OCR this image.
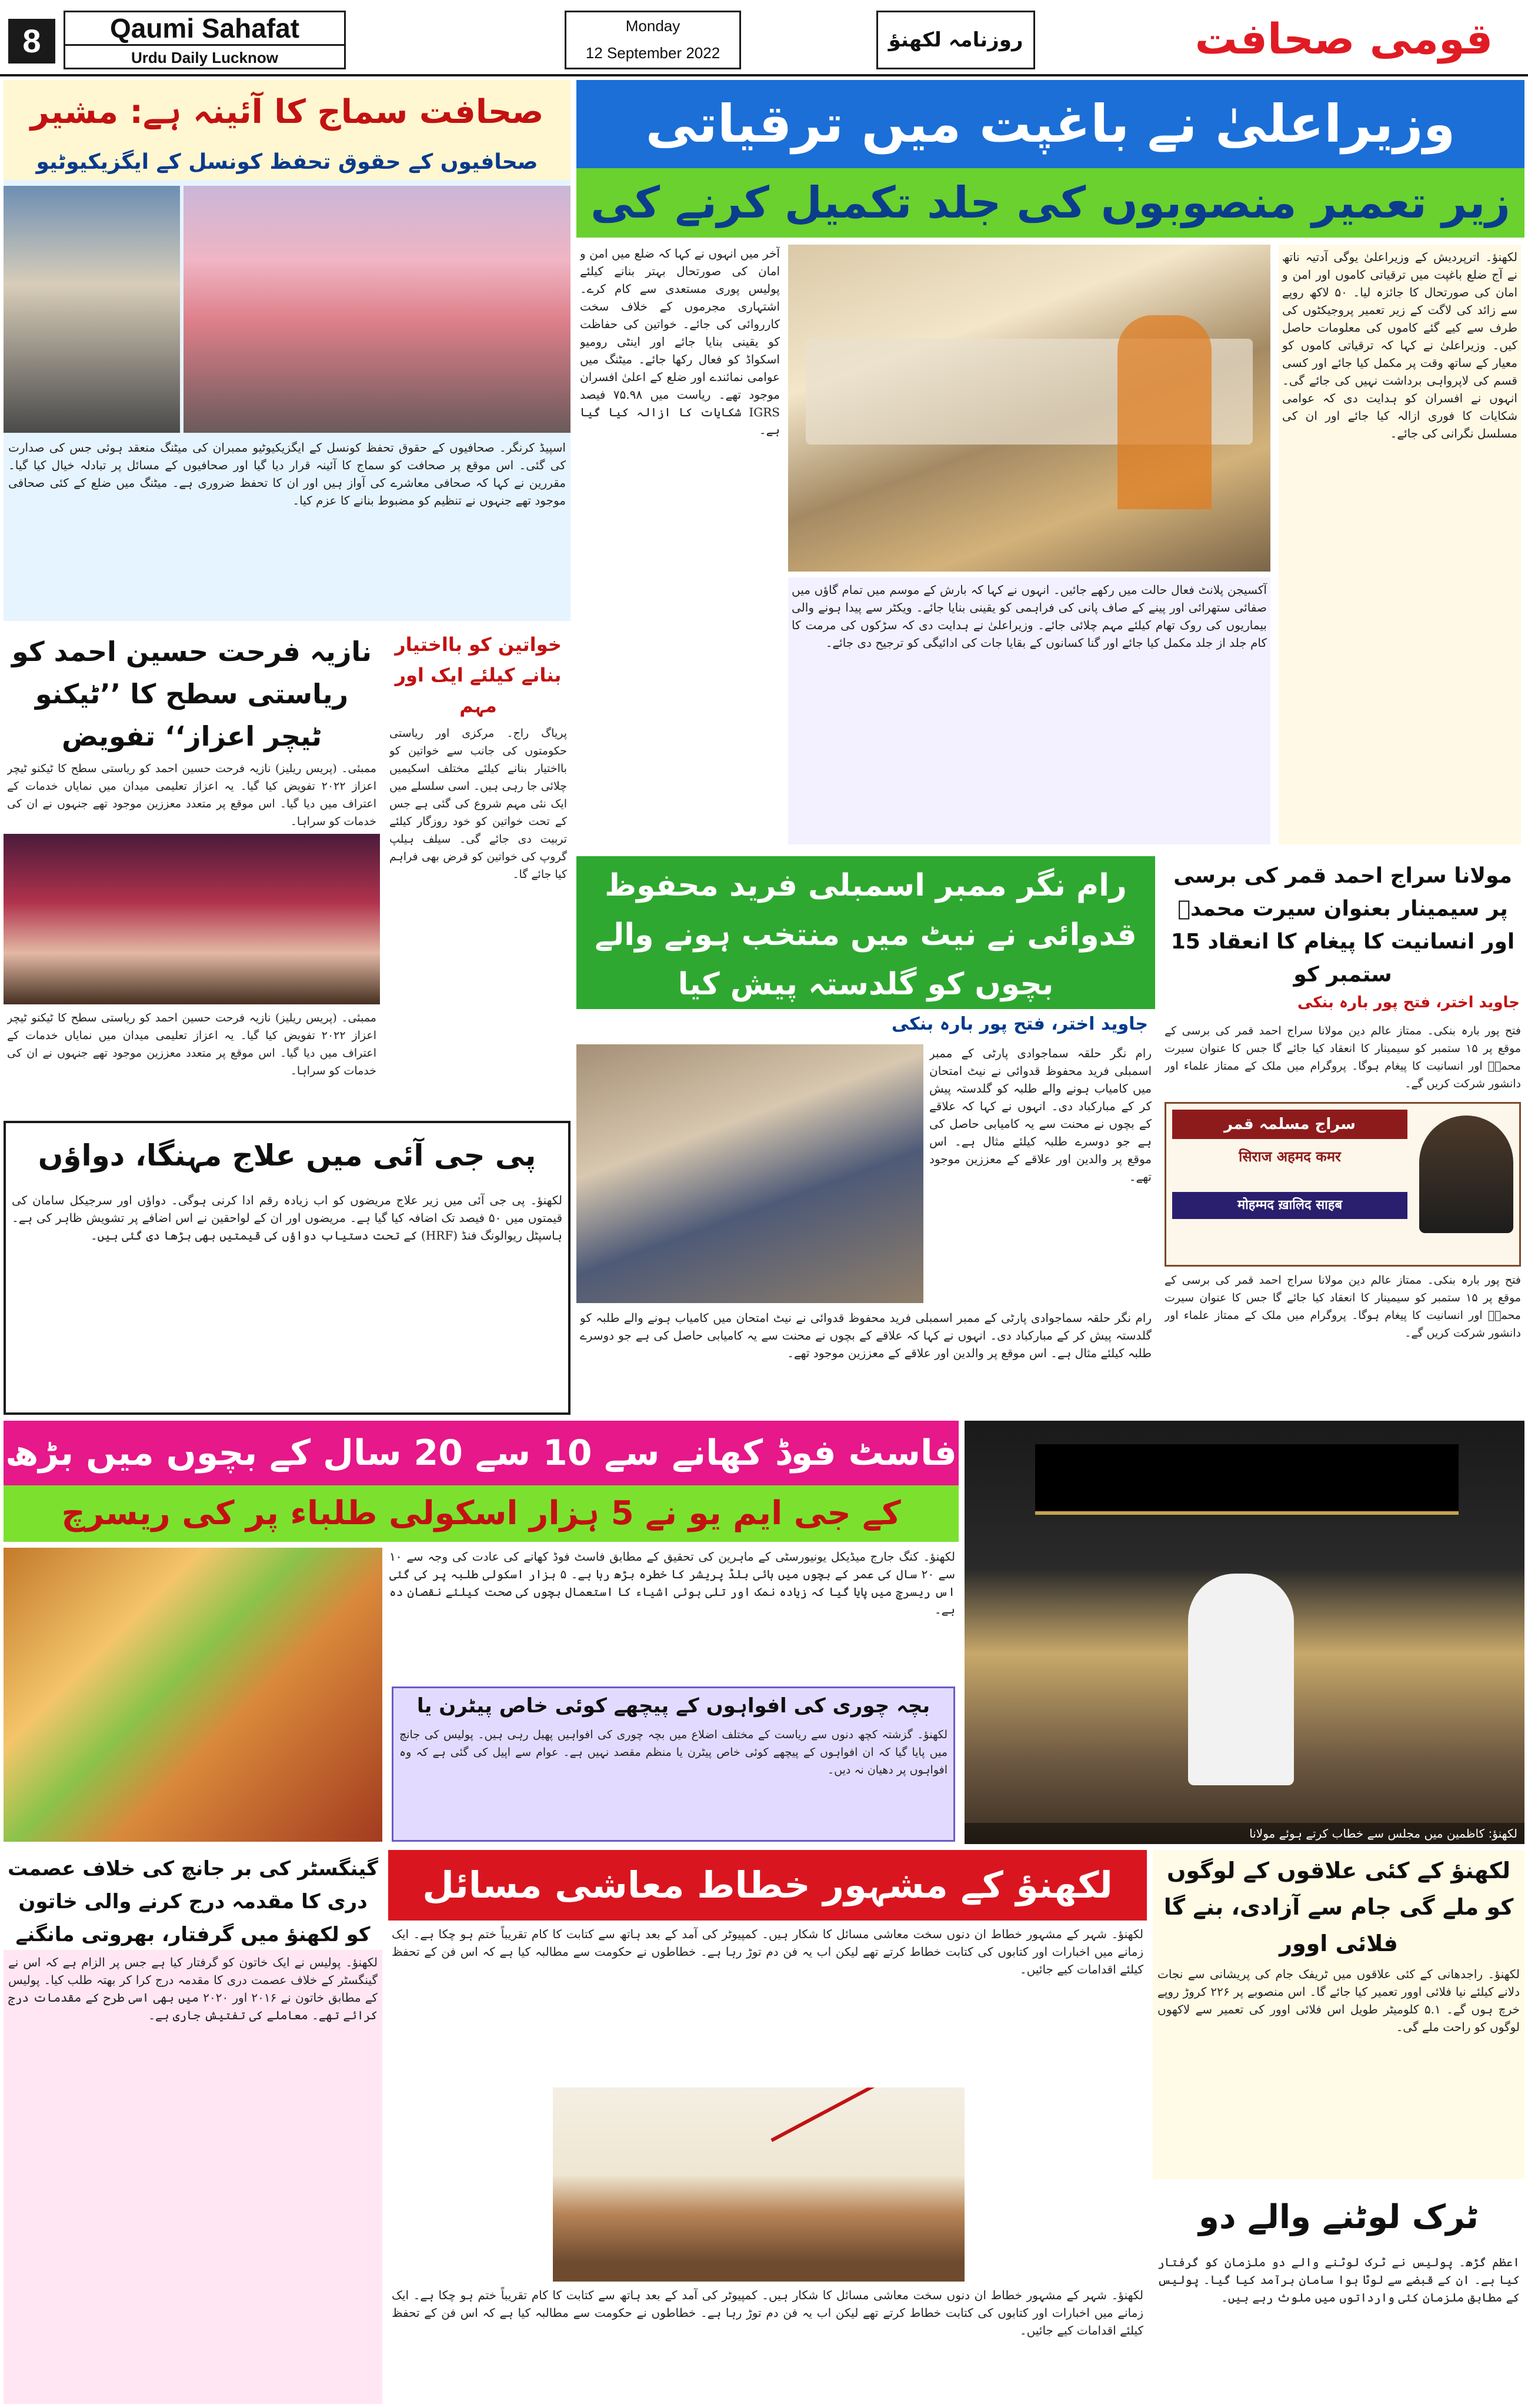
8	Qaumi Sahafat
Urdu Daily Lucknow
Monday
12 September 2022
روزنامہ لکھنؤ	قومی صحافت
وزیراعلیٰ نے باغپت میں ترقیاتی
زیر تعمیر منصوبوں کی جلد تکمیل کرنے کی
آخر میں انہوں نے کہا کہ ضلع میں امن و امان کی صورتحال بہتر بنانے کیلئے پولیس پوری مستعدی سے کام کرے۔ اشتہاری مجرموں کے خلاف سخت کارروائی کی جائے۔ خواتین کی حفاظت کو یقینی بنایا جائے اور اینٹی رومیو اسکواڈ کو فعال رکھا جائے۔ میٹنگ میں عوامی نمائندے اور ضلع کے اعلیٰ افسران موجود تھے۔ ریاست میں ۷۵.۹۸ فیصد IGRS شکایات کا ازالہ کیا گیا ہے۔
آکسیجن پلانٹ فعال حالت میں رکھے جائیں۔ انہوں نے کہا کہ بارش کے موسم میں تمام گاؤں میں صفائی ستھرائی اور پینے کے صاف پانی کی فراہمی کو یقینی بنایا جائے۔ ویکٹر سے پیدا ہونے والی بیماریوں کی روک تھام کیلئے مہم چلائی جائے۔ وزیراعلیٰ نے ہدایت دی کہ سڑکوں کی مرمت کا کام جلد از جلد مکمل کیا جائے اور گنا کسانوں کے بقایا جات کی ادائیگی کو ترجیح دی جائے۔
لکھنؤ۔ اترپردیش کے وزیراعلیٰ یوگی آدتیہ ناتھ نے آج ضلع باغپت میں ترقیاتی کاموں اور امن و امان کی صورتحال کا جائزہ لیا۔ ۵۰ لاکھ روپے سے زائد کی لاگت کے زیر تعمیر پروجیکٹوں کی طرف سے کیے گئے کاموں کی معلومات حاصل کیں۔ وزیراعلیٰ نے کہا کہ ترقیاتی کاموں کو معیار کے ساتھ وقت پر مکمل کیا جائے اور کسی قسم کی لاپرواہی برداشت نہیں کی جائے گی۔ انہوں نے افسران کو ہدایت دی کہ عوامی شکایات کا فوری ازالہ کیا جائے اور ان کی مسلسل نگرانی کی جائے۔
صحافت سماج کا آئینہ ہے: مشیر
صحافیوں کے حقوق تحفظ کونسل کے ایگزیکیوٹیو
اسپیڈ کرنگر۔ صحافیوں کے حقوق تحفظ کونسل کے ایگزیکیوٹیو ممبران کی میٹنگ منعقد ہوئی جس کی صدارت کی گئی۔ اس موقع پر صحافت کو سماج کا آئینہ قرار دیا گیا اور صحافیوں کے مسائل پر تبادلہ خیال کیا گیا۔ مقررین نے کہا کہ صحافی معاشرے کی آواز ہیں اور ان کا تحفظ ضروری ہے۔ میٹنگ میں ضلع کے کئی صحافی موجود تھے جنہوں نے تنظیم کو مضبوط بنانے کا عزم کیا۔
نازیہ فرحت حسین احمد کو ریاستی سطح کا ’’ٹیکنو ٹیچر اعزاز‘‘ تفویض
ممبئی۔ (پریس ریلیز) نازیہ فرحت حسین احمد کو ریاستی سطح کا ٹیکنو ٹیچر اعزاز ۲۰۲۲ تفویض کیا گیا۔ یہ اعزاز تعلیمی میدان میں نمایاں خدمات کے اعتراف میں دیا گیا۔ اس موقع پر متعدد معززین موجود تھے جنہوں نے ان کی خدمات کو سراہا۔
ممبئی۔ (پریس ریلیز) نازیہ فرحت حسین احمد کو ریاستی سطح کا ٹیکنو ٹیچر اعزاز ۲۰۲۲ تفویض کیا گیا۔ یہ اعزاز تعلیمی میدان میں نمایاں خدمات کے اعتراف میں دیا گیا۔ اس موقع پر متعدد معززین موجود تھے جنہوں نے ان کی خدمات کو سراہا۔
خواتین کو بااختیار بنانے کیلئے ایک اور مہم
پریاگ راج۔ مرکزی اور ریاستی حکومتوں کی جانب سے خواتین کو بااختیار بنانے کیلئے مختلف اسکیمیں چلائی جا رہی ہیں۔ اسی سلسلے میں ایک نئی مہم شروع کی گئی ہے جس کے تحت خواتین کو خود روزگار کیلئے تربیت دی جائے گی۔ سیلف ہیلپ گروپ کی خواتین کو قرض بھی فراہم کیا جائے گا۔
پی جی آئی میں علاج مہنگا، دواؤں
لکھنؤ۔ پی جی آئی میں زیر علاج مریضوں کو اب زیادہ رقم ادا کرنی ہوگی۔ دواؤں اور سرجیکل سامان کی قیمتوں میں ۵۰ فیصد تک اضافہ کیا گیا ہے۔ مریضوں اور ان کے لواحقین نے اس اضافے پر تشویش ظاہر کی ہے۔ ہاسپٹل ریوالونگ فنڈ (HRF) کے تحت دستیاب دواؤں کی قیمتیں بھی بڑھا دی گئی ہیں۔
رام نگر ممبر اسمبلی فرید محفوظ قدوائی نے نیٹ میں منتخب ہونے والے بچوں کو گلدستہ پیش کیا
جاوید اختر، فتح پور بارہ بنکی
رام نگر حلقہ سماجوادی پارٹی کے ممبر اسمبلی فرید محفوظ قدوائی نے نیٹ امتحان میں کامیاب ہونے والے طلبہ کو گلدستہ پیش کر کے مبارکباد دی۔ انہوں نے کہا کہ علاقے کے بچوں نے محنت سے یہ کامیابی حاصل کی ہے جو دوسرے طلبہ کیلئے مثال ہے۔ اس موقع پر والدین اور علاقے کے معززین موجود تھے۔
رام نگر حلقہ سماجوادی پارٹی کے ممبر اسمبلی فرید محفوظ قدوائی نے نیٹ امتحان میں کامیاب ہونے والے طلبہ کو گلدستہ پیش کر کے مبارکباد دی۔ انہوں نے کہا کہ علاقے کے بچوں نے محنت سے یہ کامیابی حاصل کی ہے جو دوسرے طلبہ کیلئے مثال ہے۔ اس موقع پر والدین اور علاقے کے معززین موجود تھے۔
مولانا سراج احمد قمر کی برسی پر سیمینار بعنوان سیرت محمدؐ اور انسانیت کا پیغام کا انعقاد 15 ستمبر کو
جاوید اختر، فتح پور بارہ بنکی
فتح پور بارہ بنکی۔ ممتاز عالم دین مولانا سراج احمد قمر کی برسی کے موقع پر ۱۵ ستمبر کو سیمینار کا انعقاد کیا جائے گا جس کا عنوان سیرت محمدؐ اور انسانیت کا پیغام ہوگا۔ پروگرام میں ملک کے ممتاز علماء اور دانشور شرکت کریں گے۔
سراج مسلمہ قمر
सिराज अहमद कमर
मोहम्मद ख़ालिद साहब
فتح پور بارہ بنکی۔ ممتاز عالم دین مولانا سراج احمد قمر کی برسی کے موقع پر ۱۵ ستمبر کو سیمینار کا انعقاد کیا جائے گا جس کا عنوان سیرت محمدؐ اور انسانیت کا پیغام ہوگا۔ پروگرام میں ملک کے ممتاز علماء اور دانشور شرکت کریں گے۔
فاسٹ فوڈ کھانے سے 10 سے 20 سال کے بچوں میں بڑھ
کے جی ایم یو نے 5 ہزار اسکولی طلباء پر کی ریسرچ
لکھنؤ۔ کنگ جارج میڈیکل یونیورسٹی کے ماہرین کی تحقیق کے مطابق فاسٹ فوڈ کھانے کی عادت کی وجہ سے ۱۰ سے ۲۰ سال کی عمر کے بچوں میں ہائی بلڈ پریشر کا خطرہ بڑھ رہا ہے۔ ۵ ہزار اسکولی طلبہ پر کی گئی اس ریسرچ میں پایا گیا کہ زیادہ نمک اور تلی ہوئی اشیاء کا استعمال بچوں کی صحت کیلئے نقصان دہ ہے۔
بچہ چوری کی افواہوں کے پیچھے کوئی خاص پیٹرن یا
لکھنؤ۔ گزشتہ کچھ دنوں سے ریاست کے مختلف اضلاع میں بچہ چوری کی افواہیں پھیل رہی ہیں۔ پولیس کی جانچ میں پایا گیا کہ ان افواہوں کے پیچھے کوئی خاص پیٹرن یا منظم مقصد نہیں ہے۔ عوام سے اپیل کی گئی ہے کہ وہ افواہوں پر دھیان نہ دیں۔
لکھنؤ: کاظمین میں مجلس سے خطاب کرتے ہوئے مولانا
گینگسٹر کی بر جانچ کی خلاف عصمت دری کا مقدمہ درج کرنے والی خاتون کو لکھنؤ میں گرفتار، بھروتی مانگنے
لکھنؤ۔ پولیس نے ایک خاتون کو گرفتار کیا ہے جس پر الزام ہے کہ اس نے گینگسٹر کے خلاف عصمت دری کا مقدمہ درج کرا کر بھتہ طلب کیا۔ پولیس کے مطابق خاتون نے ۲۰۱۶ اور ۲۰۲۰ میں بھی اسی طرح کے مقدمات درج کرائے تھے۔ معاملے کی تفتیش جاری ہے۔
لکھنؤ کے مشہور خطاط معاشی مسائل
لکھنؤ۔ شہر کے مشہور خطاط ان دنوں سخت معاشی مسائل کا شکار ہیں۔ کمپیوٹر کی آمد کے بعد ہاتھ سے کتابت کا کام تقریباً ختم ہو چکا ہے۔ ایک زمانے میں اخبارات اور کتابوں کی کتابت خطاط کرتے تھے لیکن اب یہ فن دم توڑ رہا ہے۔ خطاطوں نے حکومت سے مطالبہ کیا ہے کہ اس فن کے تحفظ کیلئے اقدامات کیے جائیں۔
لکھنؤ۔ شہر کے مشہور خطاط ان دنوں سخت معاشی مسائل کا شکار ہیں۔ کمپیوٹر کی آمد کے بعد ہاتھ سے کتابت کا کام تقریباً ختم ہو چکا ہے۔ ایک زمانے میں اخبارات اور کتابوں کی کتابت خطاط کرتے تھے لیکن اب یہ فن دم توڑ رہا ہے۔ خطاطوں نے حکومت سے مطالبہ کیا ہے کہ اس فن کے تحفظ کیلئے اقدامات کیے جائیں۔
لکھنؤ کے کئی علاقوں کے لوگوں کو ملے گی جام سے آزادی، بنے گا فلائی اوور
لکھنؤ۔ راجدھانی کے کئی علاقوں میں ٹریفک جام کی پریشانی سے نجات دلانے کیلئے نیا فلائی اوور تعمیر کیا جائے گا۔ اس منصوبے پر ۲۲۶ کروڑ روپے خرچ ہوں گے۔ ۵.۱ کلومیٹر طویل اس فلائی اوور کی تعمیر سے لاکھوں لوگوں کو راحت ملے گی۔
ٹرک لوٹنے والے دو
اعظم گڑھ۔ پولیس نے ٹرک لوٹنے والے دو ملزمان کو گرفتار کیا ہے۔ ان کے قبضے سے لوٹا ہوا سامان برآمد کیا گیا۔ پولیس کے مطابق ملزمان کئی وارداتوں میں ملوث رہے ہیں۔
